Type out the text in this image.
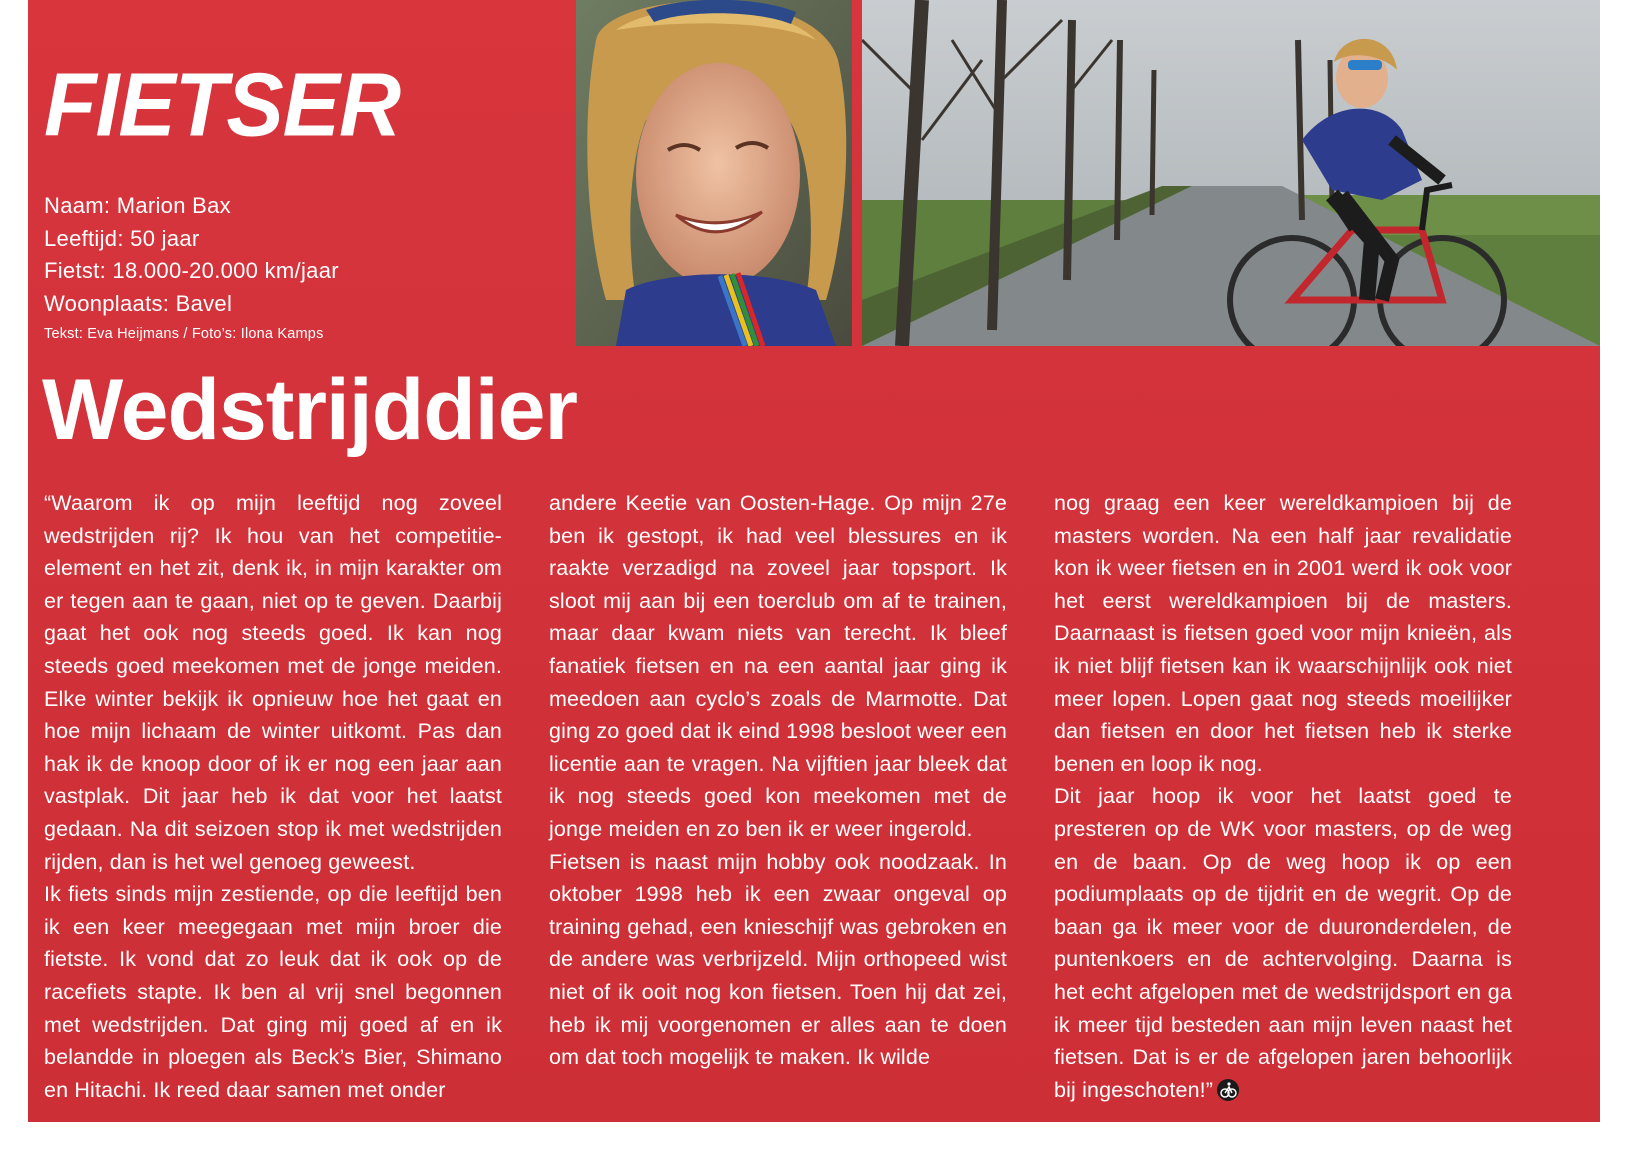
​
FIETSER
Naam: Marion Bax
Leeftijd: 50 jaar
Fietst: 18.000-20.000 km/jaar
Woonplaats: Bavel
Tekst: Eva Heijmans / Foto’s: Ilona Kamps
Wedstrijddier

“Waarom ik op mijn leeftijd nog zoveel wedstrijden rij? Ik hou van het competitie-element en het zit, denk ik, in mijn karakter om er tegen aan te gaan, niet op te geven. Daarbij gaat het ook nog steeds goed. Ik kan nog steeds goed meekomen met de jonge meiden. Elke winter bekijk ik opnieuw hoe het gaat en hoe mijn lichaam de winter uitkomt. Pas dan hak ik de knoop door of ik er nog een jaar aan vastplak. Dit jaar heb ik dat voor het laatst gedaan. Na dit seizoen stop ik met wedstrijden rijden, dan is het wel genoeg geweest.

Ik fiets sinds mijn zestiende, op die leeftijd ben ik een keer meegegaan met mijn broer die fietste. Ik vond dat zo leuk dat ik ook op de racefiets stapte. Ik ben al vrij snel begonnen met wedstrijden. Dat ging mij goed af en ik belandde in ploegen als Beck’s Bier, Shimano en Hitachi. Ik reed daar samen met onder

andere Keetie van Oosten-Hage. Op mijn 27e ben ik gestopt, ik had veel blessures en ik raakte verzadigd na zoveel jaar topsport. Ik sloot mij aan bij een toerclub om af te trainen, maar daar kwam niets van terecht. Ik bleef fanatiek fietsen en na een aantal jaar ging ik meedoen aan cyclo’s zoals de Marmotte. Dat ging zo goed dat ik eind 1998 besloot weer een licentie aan te vragen. Na vijftien jaar bleek dat ik nog steeds goed kon meekomen met de jonge meiden en zo ben ik er weer ingerold.

Fietsen is naast mijn hobby ook noodzaak. In oktober 1998 heb ik een zwaar ongeval op training gehad, een knieschijf was gebroken en de andere was verbrijzeld. Mijn orthopeed wist niet of ik ooit nog kon fietsen. Toen hij dat zei, heb ik mij voorgenomen er alles aan te doen om dat toch mogelijk te maken. Ik wilde

nog graag een keer wereldkampioen bij de masters worden. Na een half jaar revalidatie kon ik weer fietsen en in 2001 werd ik ook voor het eerst wereldkampioen bij de masters. Daarnaast is fietsen goed voor mijn knieën, als ik niet blijf fietsen kan ik waarschijnlijk ook niet meer lopen. Lopen gaat nog steeds moeilijker dan fietsen en door het fietsen heb ik sterke benen en loop ik nog.

Dit jaar hoop ik voor het laatst goed te presteren op de WK voor masters, op de weg en de baan. Op de weg hoop ik op een podiumplaats op de tijdrit en de wegrit. Op de baan ga ik meer voor de duuronderdelen, de puntenkoers en de achtervolging. Daarna is het echt afgelopen met de wedstrijdsport en ga ik meer tijd besteden aan mijn leven naast het fietsen. Dat is er de afgelopen jaren behoorlijk bij ingeschoten!”
